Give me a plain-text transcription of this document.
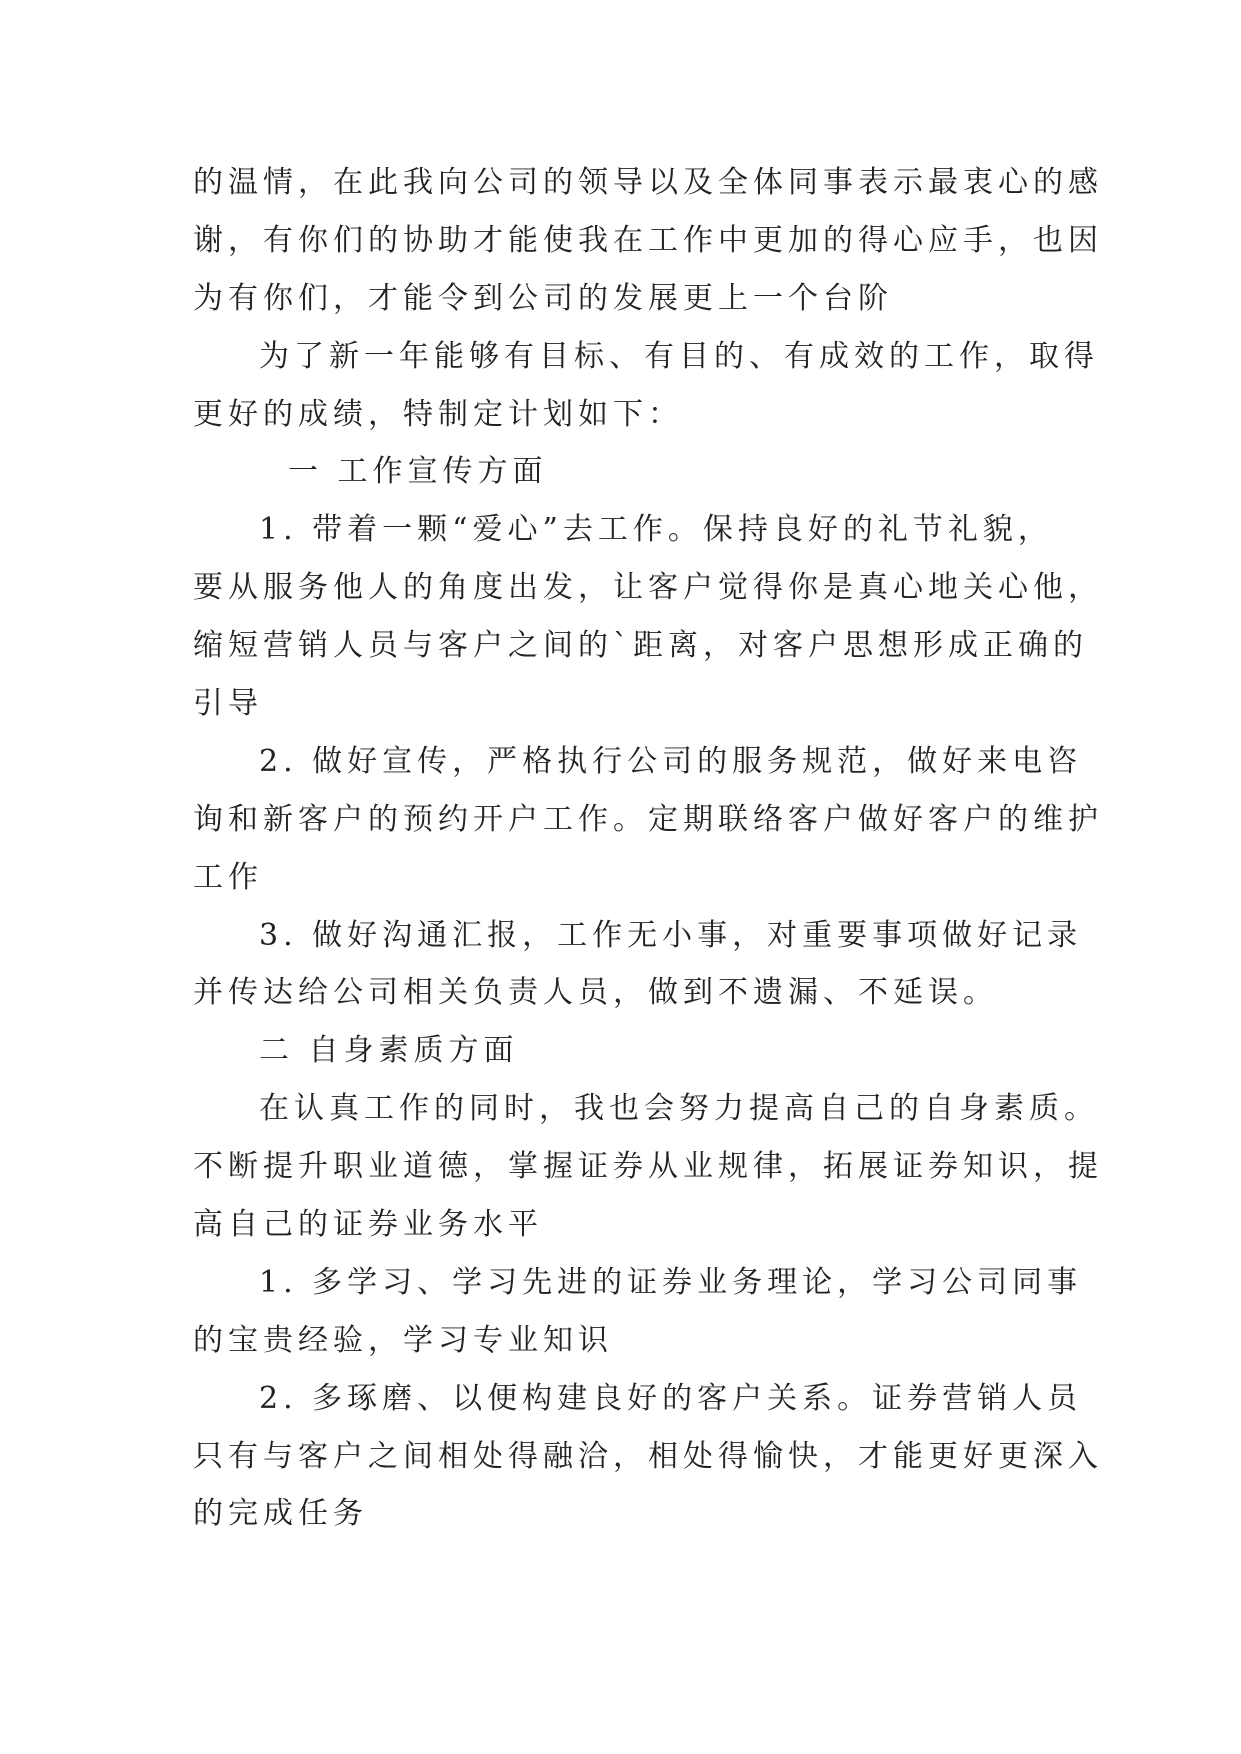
的温情，在此我向公司的领导以及全体同事表示最衷心的感
谢，有你们的协助才能使我在工作中更加的得心应手，也因
为有你们，才能令到公司的发展更上一个台阶
为了新一年能够有目标、有目的、有成效的工作，取得
更好的成绩，特制定计划如下：
一 工作宣传方面
1. 带着一颗“爱心”去工作。保持良好的礼节礼貌，
要从服务他人的角度出发，让客户觉得你是真心地关心他，
缩短营销人员与客户之间的`距离，对客户思想形成正确的
引导
2. 做好宣传，严格执行公司的服务规范，做好来电咨
询和新客户的预约开户工作。定期联络客户做好客户的维护
工作
3. 做好沟通汇报，工作无小事，对重要事项做好记录
并传达给公司相关负责人员，做到不遗漏、不延误。
二 自身素质方面
在认真工作的同时，我也会努力提高自己的自身素质。
不断提升职业道德，掌握证券从业规律，拓展证券知识，提
高自己的证券业务水平
1. 多学习、学习先进的证券业务理论，学习公司同事
的宝贵经验，学习专业知识
2. 多琢磨、以便构建良好的客户关系。证券营销人员
只有与客户之间相处得融洽，相处得愉快，才能更好更深入
的完成任务
